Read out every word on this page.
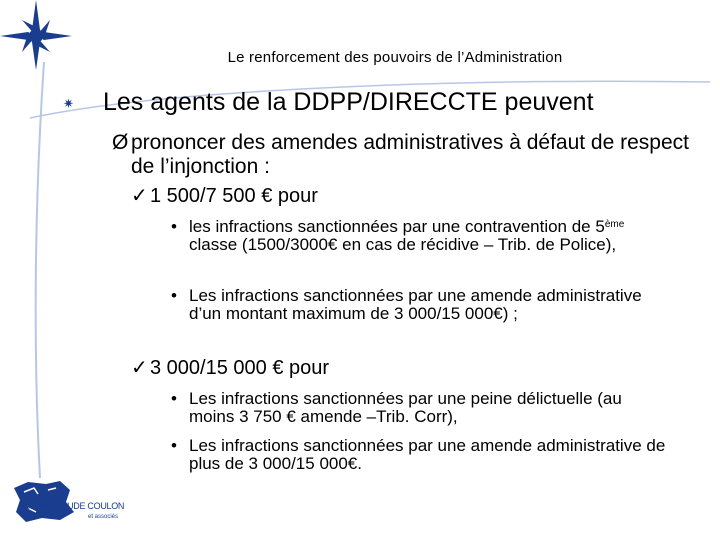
Le renforcement des pouvoirs de l’Administration
✷ Les agents de la DDPP/DIRECCTE peuvent
Ø prononcer des amendes administratives à défaut de respect de l’injonction :
✓ 1 500/7 500 € pour
• les infractions sanctionnées par une contravention de 5ème classe (1500/3000€ en cas de récidive – Trib. de Police),
• Les infractions sanctionnées par une amende administrative d’un montant maximum de 3 000/15 000€) ;
✓ 3 000/15 000 € pour
• Les infractions sanctionnées par une peine délictuelle (au moins 3 750 € amende –Trib. Corr),
• Les infractions sanctionnées par une amende administrative de plus de 3 000/15 000€.
JEAN-CLAUDE COULON
et associés
